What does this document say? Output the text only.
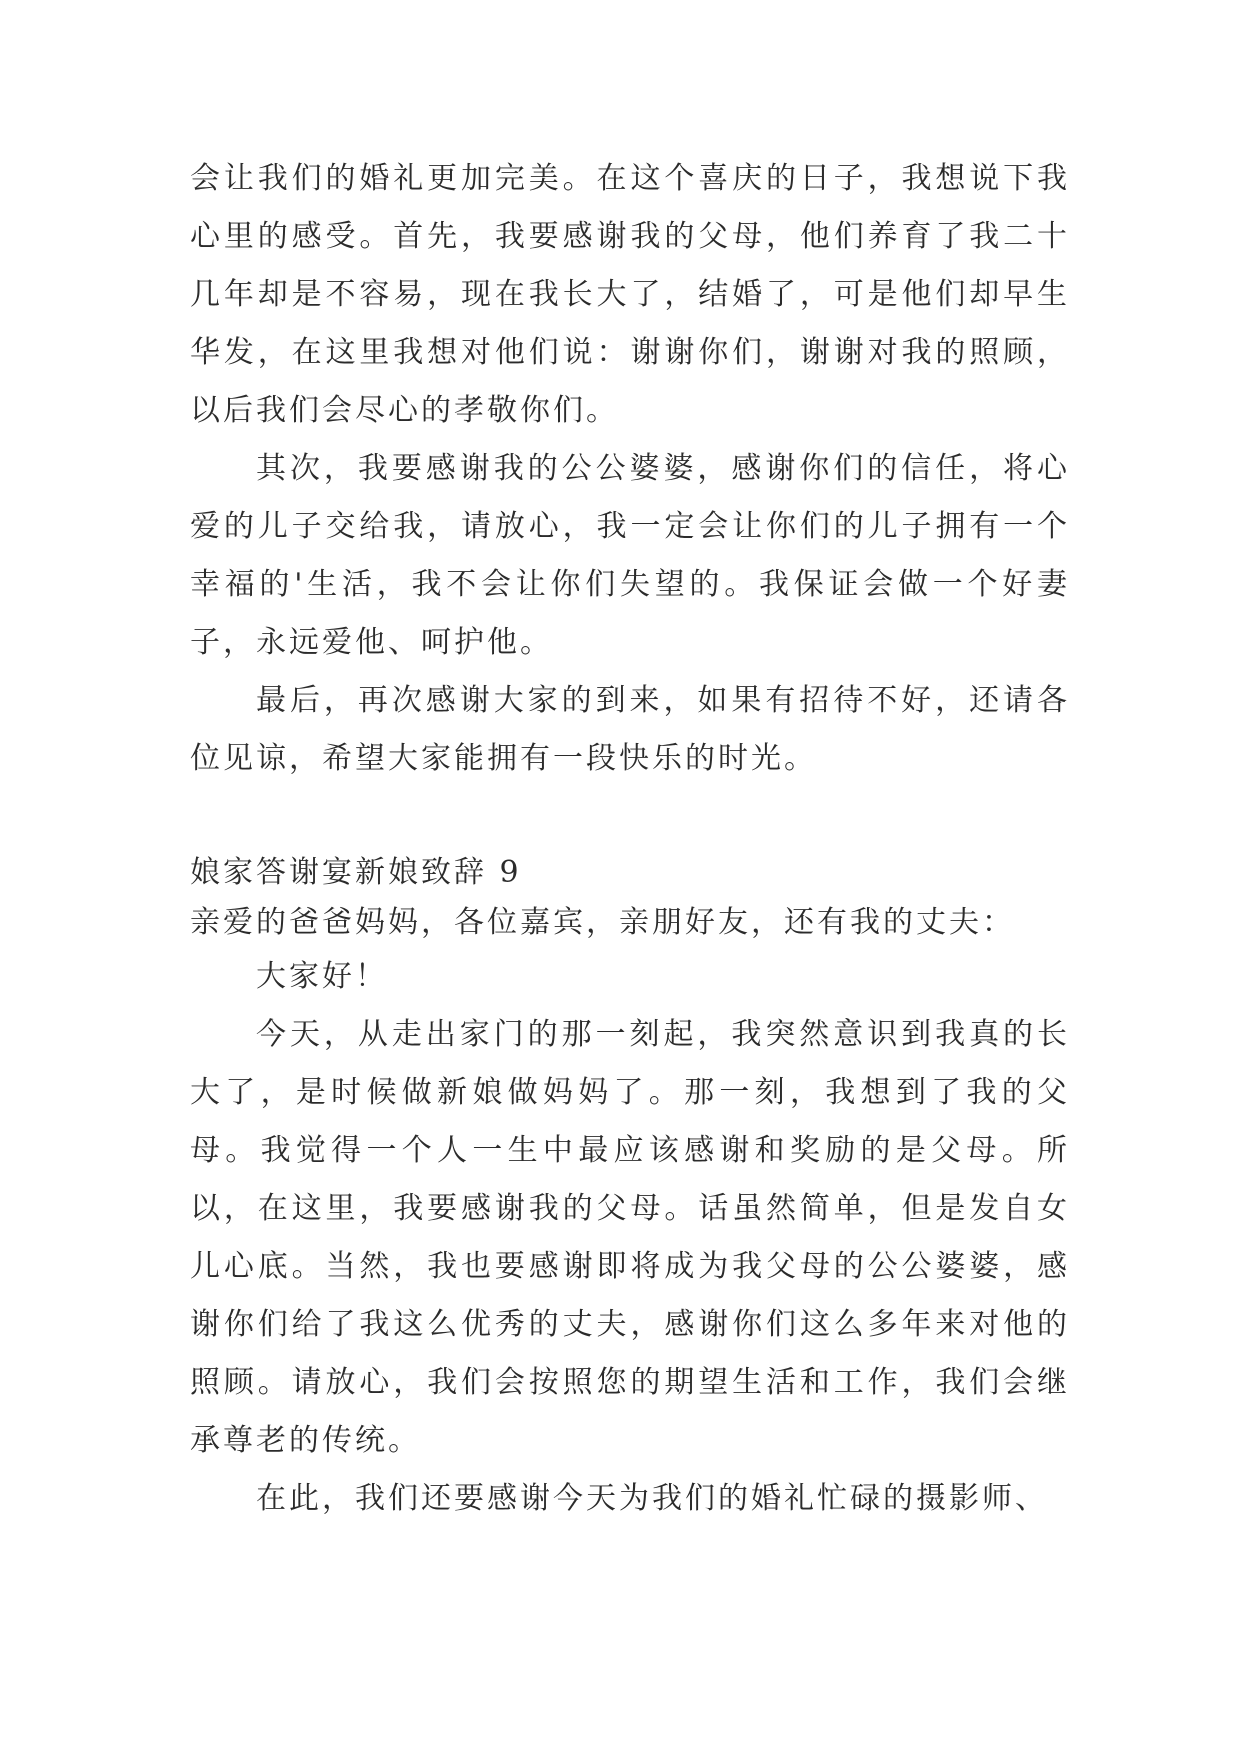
会让我们的婚礼更加完美。在这个喜庆的日子，我想说下我心里的感受。首先，我要感谢我的父母，他们养育了我二十几年却是不容易，现在我长大了，结婚了，可是他们却早生华发，在这里我想对他们说：谢谢你们，谢谢对我的照顾，以后我们会尽心的孝敬你们。

其次，我要感谢我的公公婆婆，感谢你们的信任，将心爱的儿子交给我，请放心，我一定会让你们的儿子拥有一个幸福的'生活，我不会让你们失望的。我保证会做一个好妻子，永远爱他、呵护他。

最后，再次感谢大家的到来，如果有招待不好，还请各位见谅，希望大家能拥有一段快乐的时光。

娘家答谢宴新娘致辞 9

亲爱的爸爸妈妈，各位嘉宾，亲朋好友，还有我的丈夫：

大家好！

今天，从走出家门的那一刻起，我突然意识到我真的长大了，是时候做新娘做妈妈了。那一刻，我想到了我的父母。我觉得一个人一生中最应该感谢和奖励的是父母。所以，在这里，我要感谢我的父母。话虽然简单，但是发自女儿心底。当然，我也要感谢即将成为我父母的公公婆婆，感谢你们给了我这么优秀的丈夫，感谢你们这么多年来对他的照顾。请放心，我们会按照您的期望生活和工作，我们会继承尊老的传统。

在此，我们还要感谢今天为我们的婚礼忙碌的摄影师、
